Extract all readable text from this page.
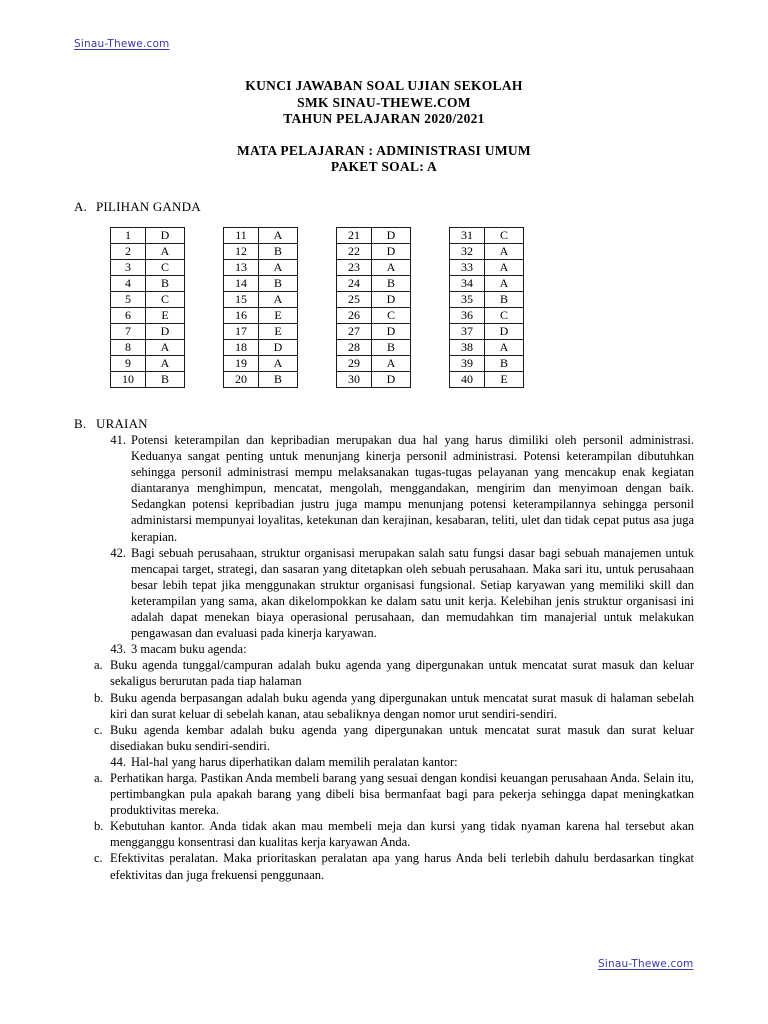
Sinau-Thewe.com
KUNCI JAWABAN SOAL UJIAN SEKOLAH
SMK SINAU-THEWE.COM
TAHUN PELAJARAN 2020/2021
MATA PELAJARAN : ADMINISTRASI UMUM
PAKET SOAL: A
A. PILIHAN GANDA
1	D
2	A
3	C
4	B
5	C
6	E
7	D
8	A
9	A
10	B
11	A
12	B
13	A
14	B
15	A
16	E
17	E
18	D
19	A
20	B
21	D
22	D
23	A
24	B
25	D
26	C
27	D
28	B
29	A
30	D
31	C
32	A
33	A
34	A
35	B
36	C
37	D
38	A
39	B
40	E
B. URAIAN
41. Potensi keterampilan dan kepribadian merupakan dua hal yang harus dimiliki oleh personil administrasi. Keduanya sangat penting untuk menunjang kinerja personil administrasi. Potensi keterampilan dibutuhkan sehingga personil administrasi mempu melaksanakan tugas-tugas pelayanan yang mencakup enak kegiatan diantaranya menghimpun, mencatat, mengolah, menggandakan, mengirim dan menyimoan dengan baik. Sedangkan potensi kepribadian justru juga mampu menunjang potensi keterampilannya sehingga personil administarsi mempunyai loyalitas, ketekunan dan kerajinan, kesabaran, teliti, ulet dan tidak cepat putus asa juga kerapian.
42. Bagi sebuah perusahaan, struktur organisasi merupakan salah satu fungsi dasar bagi sebuah manajemen untuk mencapai target, strategi, dan sasaran yang ditetapkan oleh sebuah perusahaan. Maka sari itu, untuk perusahaan besar lebih tepat jika menggunakan struktur organisasi fungsional. Setiap karyawan yang memiliki skill dan keterampilan yang sama, akan dikelompokkan ke dalam satu unit kerja. Kelebihan jenis struktur organisasi ini adalah dapat menekan biaya operasional perusahaan, dan memudahkan tim manajerial untuk melakukan pengawasan dan evaluasi pada kinerja karyawan.
43. 3 macam buku agenda:
a. Buku agenda tunggal/campuran adalah buku agenda yang dipergunakan untuk mencatat surat masuk dan keluar sekaligus berurutan pada tiap halaman
b. Buku agenda berpasangan adalah buku agenda yang dipergunakan untuk mencatat surat masuk di halaman sebelah kiri dan surat keluar di sebelah kanan, atau sebaliknya dengan nomor urut sendiri-sendiri.
c. Buku agenda kembar adalah buku agenda yang dipergunakan untuk mencatat surat masuk dan surat keluar disediakan buku sendiri-sendiri.
44. Hal-hal yang harus diperhatikan dalam memilih peralatan kantor:
a. Perhatikan harga. Pastikan Anda membeli barang yang sesuai dengan kondisi keuangan perusahaan Anda. Selain itu, pertimbangkan pula apakah barang yang dibeli bisa bermanfaat bagi para pekerja sehingga dapat meningkatkan produktivitas mereka.
b. Kebutuhan kantor. Anda tidak akan mau membeli meja dan kursi yang tidak nyaman karena hal tersebut akan mengganggu konsentrasi dan kualitas kerja karyawan Anda.
c. Efektivitas peralatan. Maka prioritaskan peralatan apa yang harus Anda beli terlebih dahulu berdasarkan tingkat efektivitas dan juga frekuensi penggunaan.
Sinau-Thewe.com
